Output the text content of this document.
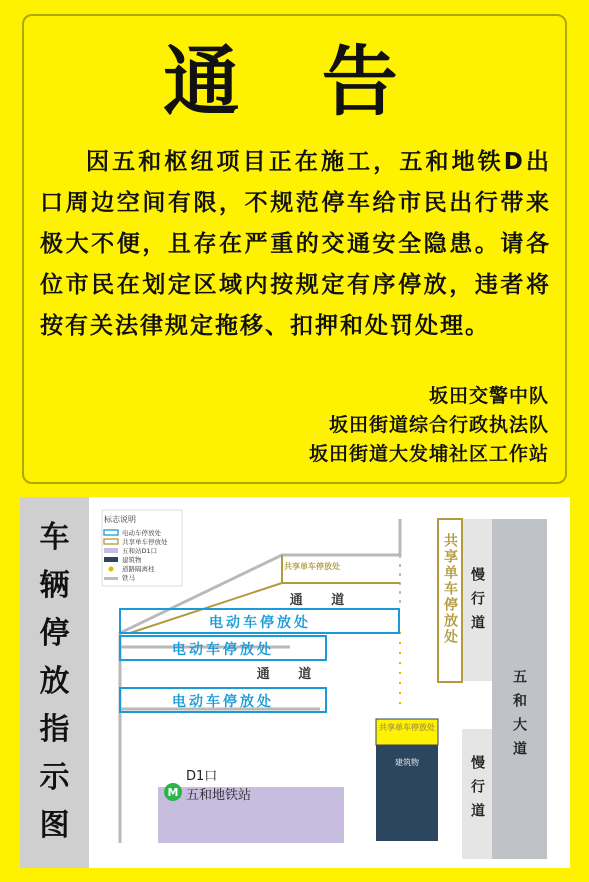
通 告
因五和枢纽项目正在施工，五和地铁D出口周边空间有限，不规范停车给市民出行带来极大不便，且存在严重的交通安全隐患。请各位市民在划定区域内按规定有序停放，违者将按有关法律规定拖移、扣押和处罚处理。
坂田交警中队
坂田街道综合行政执法队
坂田街道大发埔社区工作站
车
辆
停
放
指
示
图
标志说明
电动车停放处
共享单车停放处
五和站D1口
建筑物
道路隔离柱
铁马
共享单车停放处
通 道
通 道
电动车停放处
电动车停放处
电动车停放处
共享单车停放处
共享单车停放处
建筑物
慢行道
慢行道
五和大道
D1口
M 五和地铁站
